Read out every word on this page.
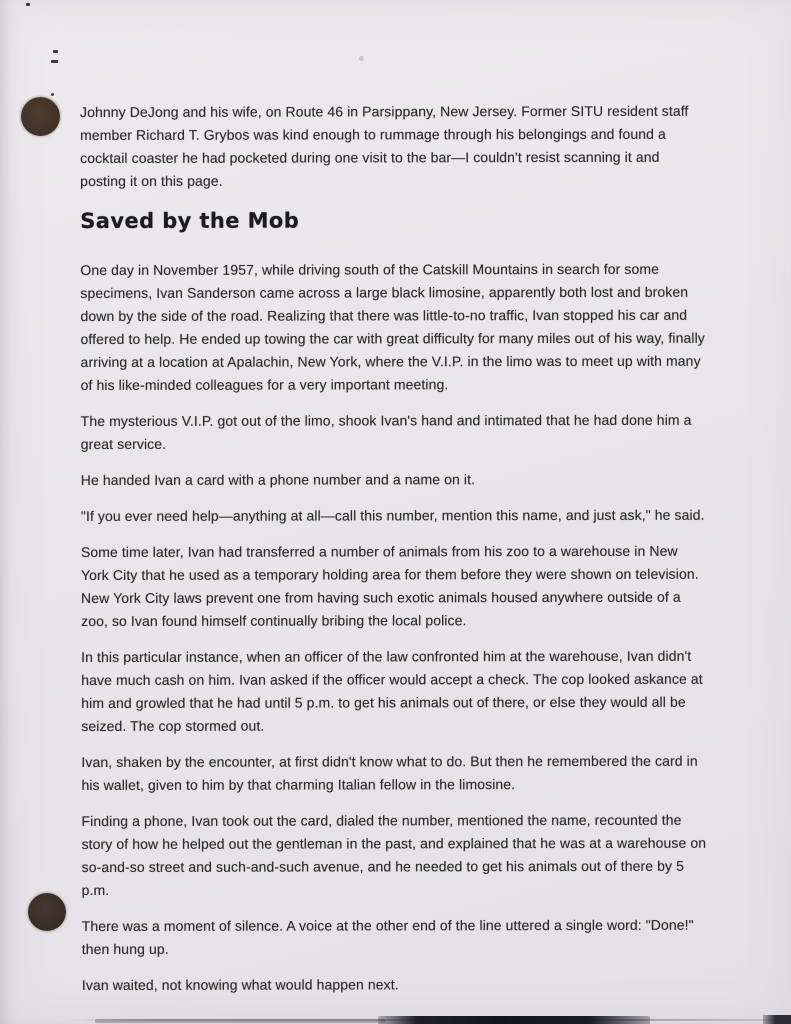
Johnny DeJong and his wife, on Route 46 in Parsippany, New Jersey. Former SITU resident staff member Richard T. Grybos was kind enough to rummage through his belongings and found a cocktail coaster he had pocketed during one visit to the bar—I couldn't resist scanning it and posting it on this page.

Saved by the Mob

One day in November 1957, while driving south of the Catskill Mountains in search for some specimens, Ivan Sanderson came across a large black limosine, apparently both lost and broken down by the side of the road. Realizing that there was little-to-no traffic, Ivan stopped his car and offered to help. He ended up towing the car with great difficulty for many miles out of his way, finally arriving at a location at Apalachin, New York, where the V.I.P. in the limo was to meet up with many of his like-minded colleagues for a very important meeting.

The mysterious V.I.P. got out of the limo, shook Ivan's hand and intimated that he had done him a great service.

He handed Ivan a card with a phone number and a name on it.

"If you ever need help—anything at all—call this number, mention this name, and just ask," he said.

Some time later, Ivan had transferred a number of animals from his zoo to a warehouse in New York City that he used as a temporary holding area for them before they were shown on television. New York City laws prevent one from having such exotic animals housed anywhere outside of a zoo, so Ivan found himself continually bribing the local police.

In this particular instance, when an officer of the law confronted him at the warehouse, Ivan didn't have much cash on him. Ivan asked if the officer would accept a check. The cop looked askance at him and growled that he had until 5 p.m. to get his animals out of there, or else they would all be seized. The cop stormed out.

Ivan, shaken by the encounter, at first didn't know what to do. But then he remembered the card in his wallet, given to him by that charming Italian fellow in the limosine.

Finding a phone, Ivan took out the card, dialed the number, mentioned the name, recounted the story of how he helped out the gentleman in the past, and explained that he was at a warehouse on so-and-so street and such-and-such avenue, and he needed to get his animals out of there by 5 p.m.

There was a moment of silence. A voice at the other end of the line uttered a single word: "Done!" then hung up.

Ivan waited, not knowing what would happen next.
